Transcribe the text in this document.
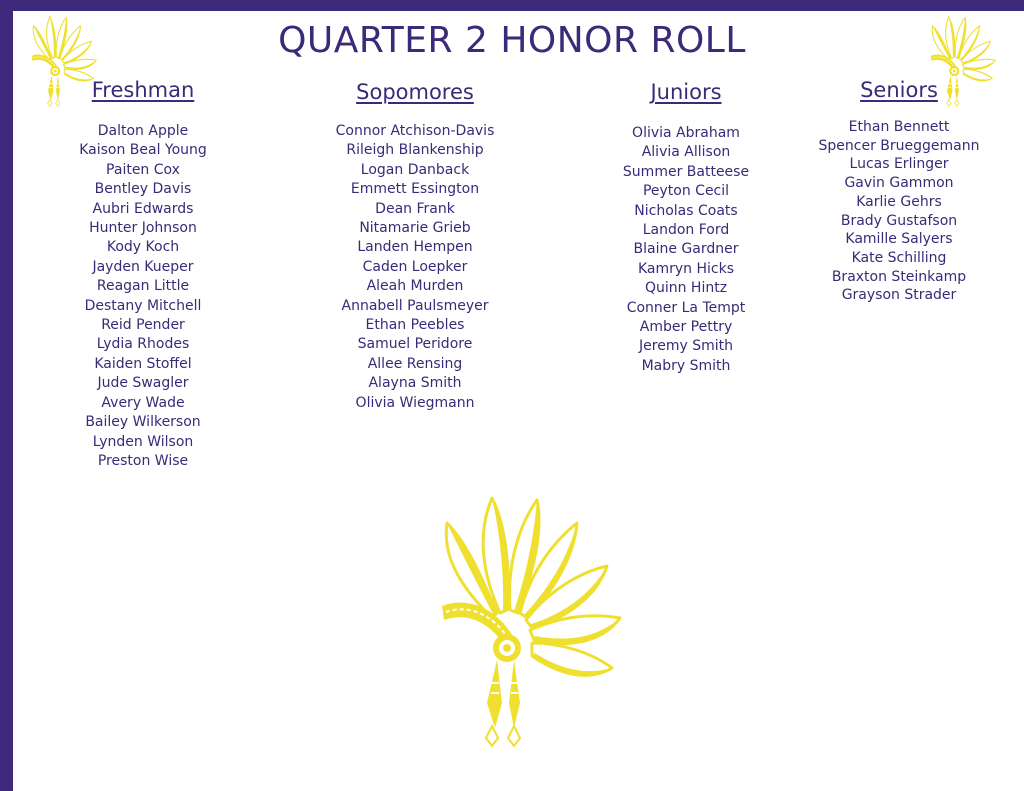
QUARTER 2 HONOR ROLL
Freshman
Dalton Apple
Kaison Beal Young
Paiten Cox
Bentley Davis
Aubri Edwards
Hunter Johnson
Kody Koch
Jayden Kueper
Reagan Little
Destany Mitchell
Reid Pender
Lydia Rhodes
Kaiden Stoffel
Jude Swagler
Avery Wade
Bailey Wilkerson
Lynden Wilson
Preston Wise
Sopomores
Connor Atchison-Davis
Rileigh Blankenship
Logan Danback
Emmett Essington
Dean Frank
Nitamarie Grieb
Landen Hempen
Caden Loepker
Aleah Murden
Annabell Paulsmeyer
Ethan Peebles
Samuel Peridore
Allee Rensing
Alayna Smith
Olivia Wiegmann
Juniors
Olivia Abraham
Alivia Allison
Summer Batteese
Peyton Cecil
Nicholas Coats
Landon Ford
Blaine Gardner
Kamryn Hicks
Quinn Hintz
Conner La Tempt
Amber Pettry
Jeremy Smith
Mabry Smith
Seniors
Ethan Bennett
Spencer Brueggemann
Lucas Erlinger
Gavin Gammon
Karlie Gehrs
Brady Gustafson
Kamille Salyers
Kate Schilling
Braxton Steinkamp
Grayson Strader
